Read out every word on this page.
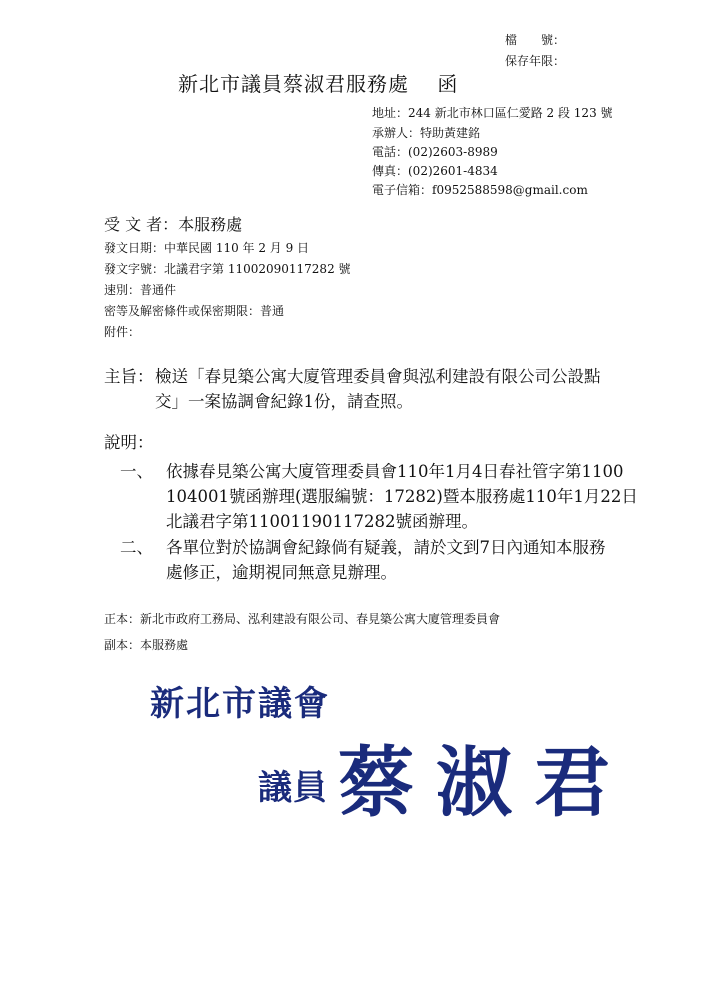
檔　　號：
保存年限：
新北市議員蔡淑君服務處　 函
地址：244 新北市林口區仁愛路 2 段 123 號
承辦人：特助黃建銘
電話：(02)2603-8989
傳真：(02)2601-4834
電子信箱：f0952588598@gmail.com
受 文 者：本服務處
發文日期：中華民國 110 年 2 月 9 日
發文字號：北議君字第 11002090117282 號
速別：普通件
密等及解密條件或保密期限：普通
附件：
主旨： 檢送「春見築公寓大廈管理委員會與泓利建設有限公司公設點
交」一案協調會紀錄1份，請查照。
說明：
一、 依據春見築公寓大廈管理委員會110年1月4日春社管字第1100
104001號函辦理(選服編號：17282)暨本服務處110年1月22日
北議君字第11001190117282號函辦理。
二、 各單位對於協調會紀錄倘有疑義，請於文到7日內通知本服務
處修正，逾期視同無意見辦理。
正本：新北市政府工務局、泓利建設有限公司、春見築公寓大廈管理委員會
副本：本服務處
新北市議會
議員 蔡淑君
